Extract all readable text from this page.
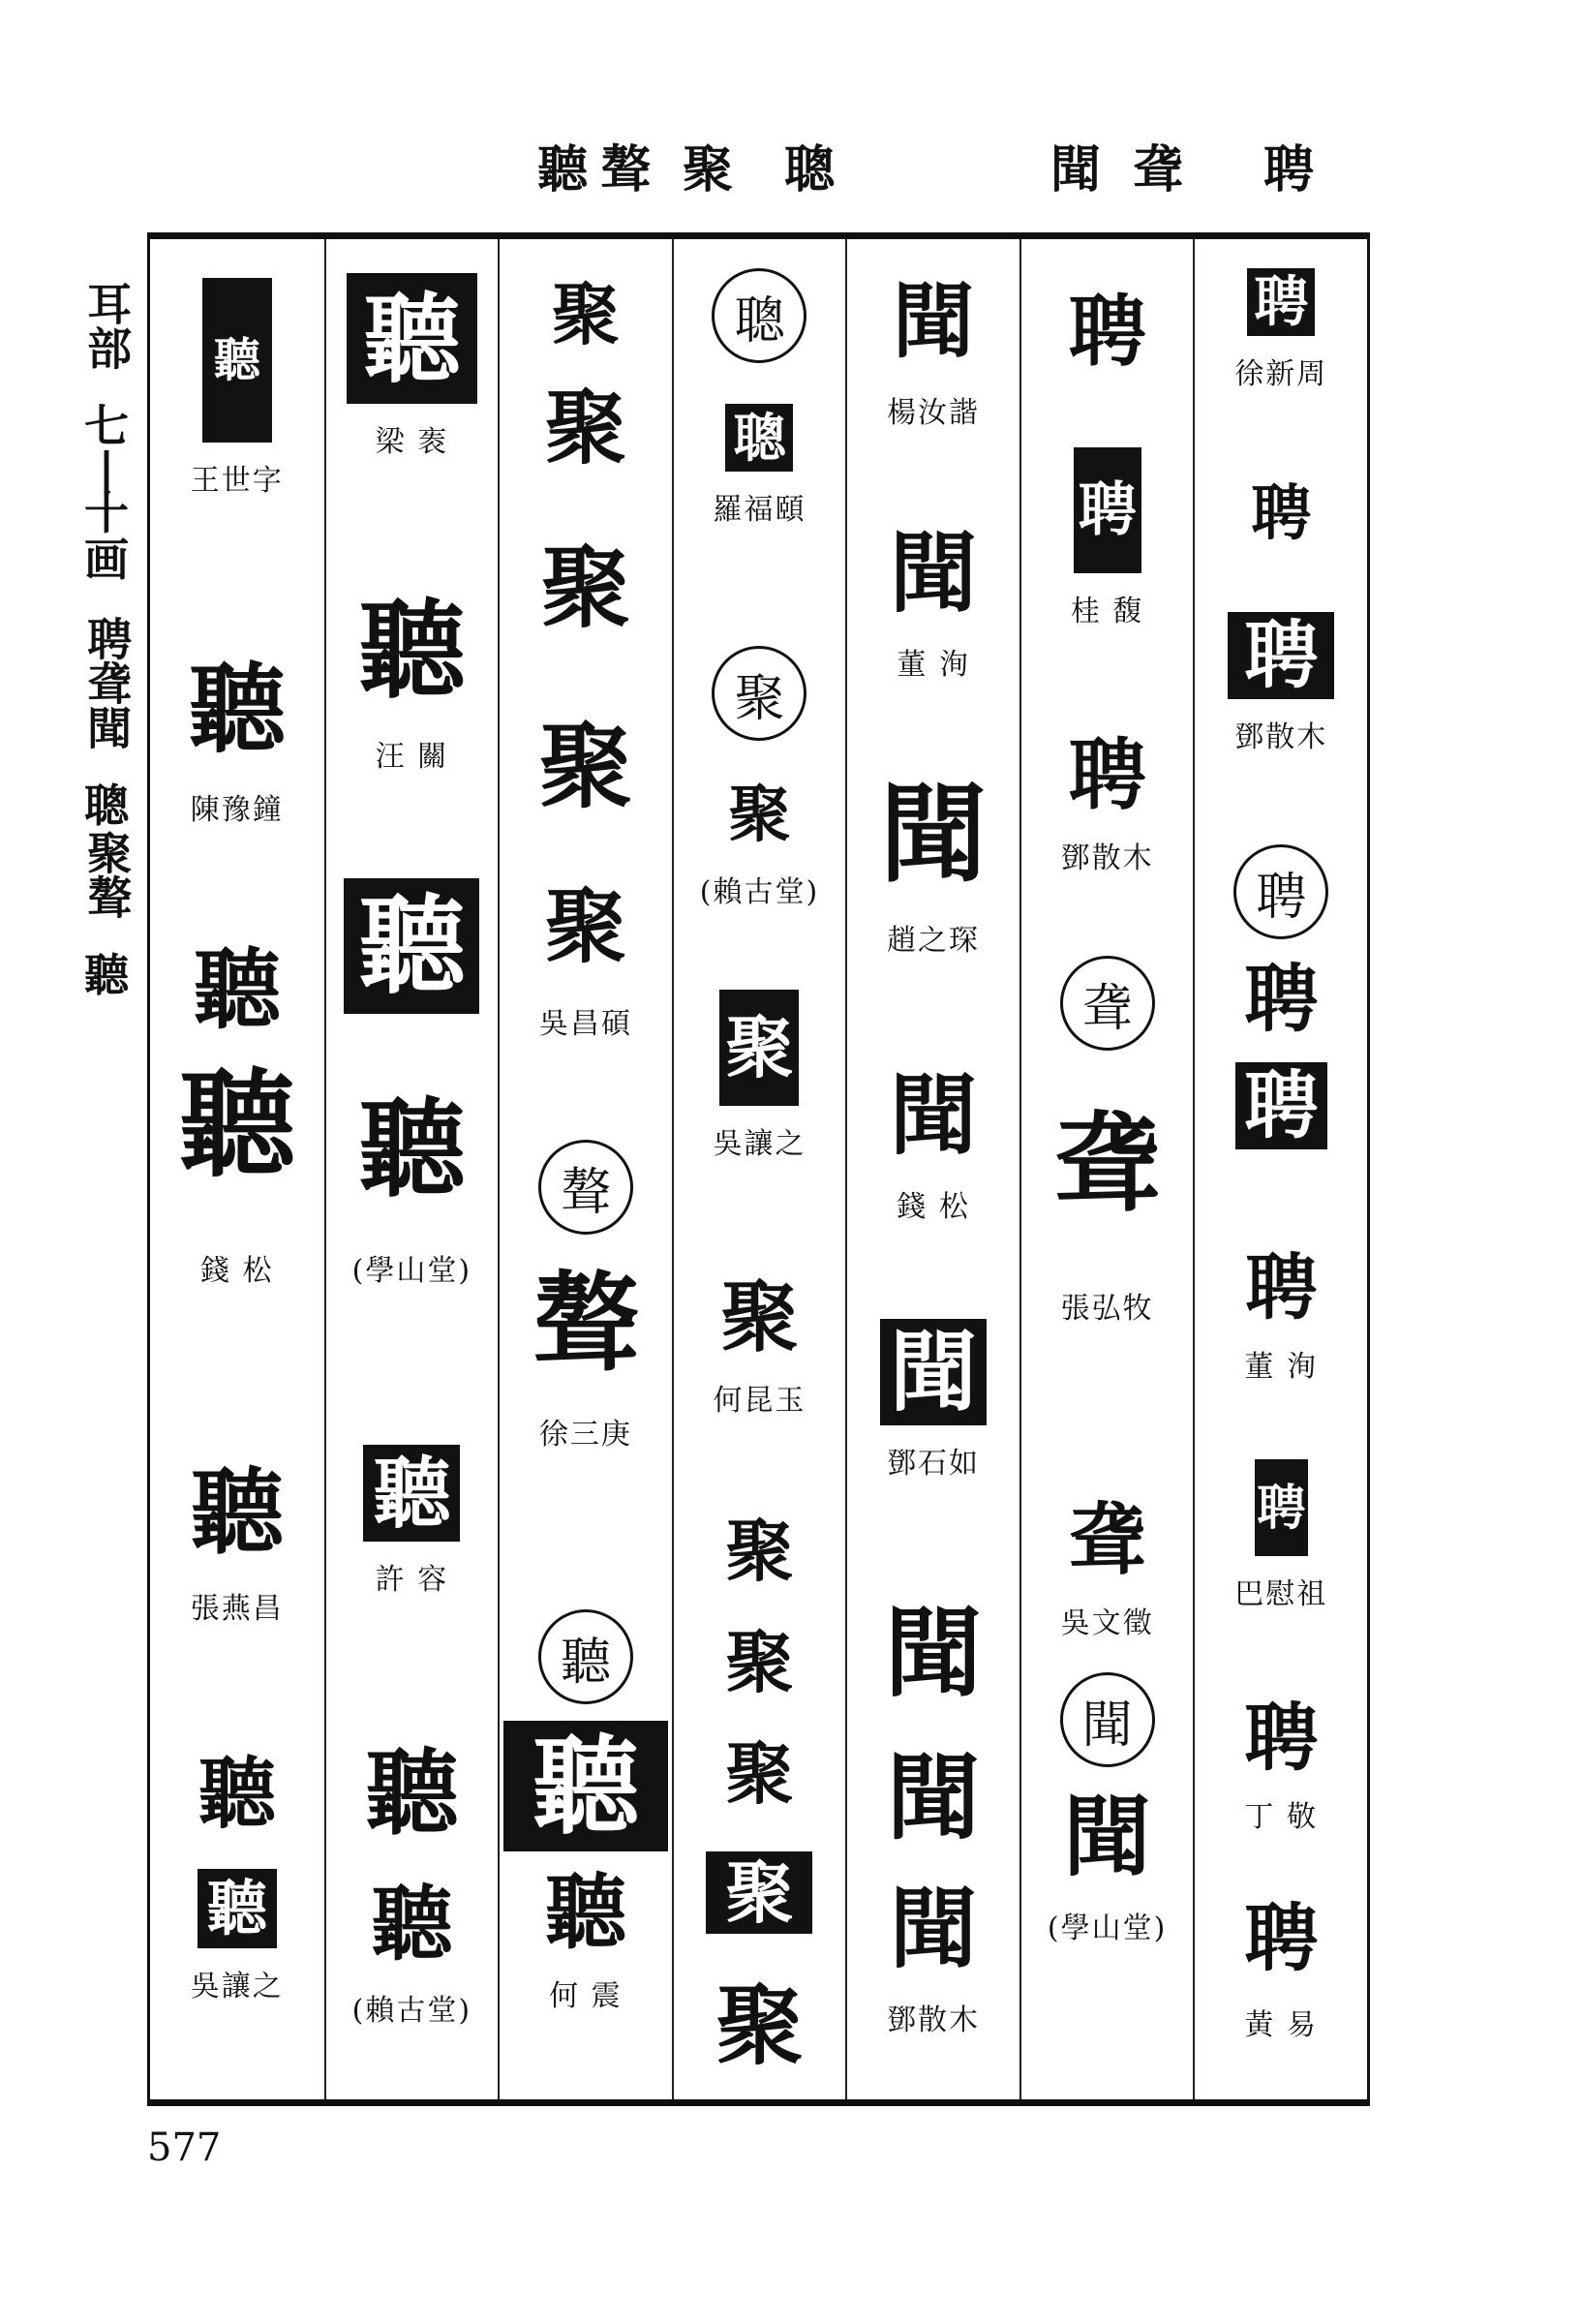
聽 聱 聚 聰	聞 聋 聘
耳部
七
|
十
画
聘聋聞
聰
聚聱
聽
聽
王世字
聽
陳豫鐘
聽
聽
錢 松
聽
張燕昌
聽
聽
吳讓之
聽
梁 袠
聽
汪 關
聽
聽
(學山堂)
聽
許 容
聽
聽
(賴古堂)
聚
聚
聚
聚
聚
吳昌碩
聱
聱
徐三庚
聽
聽
聽
何 震
聰
聰
羅福頤
聚
聚
(賴古堂)
聚
吳讓之
聚
何昆玉
聚
聚
聚
聚
聚
聞
楊汝諧
聞
董 洵
聞
趙之琛
聞
錢 松
聞
鄧石如
聞
聞
聞
鄧散木
聘
聘
桂 馥
聘
鄧散木
聋
聋
張弘牧
聋
吳文徵
聞
聞
(學山堂)
聘
徐新周
聘
聘
鄧散木
聘
聘
聘
聘
董 洵
聘
巴慰祖
聘
丁 敬
聘
黃 易
577
